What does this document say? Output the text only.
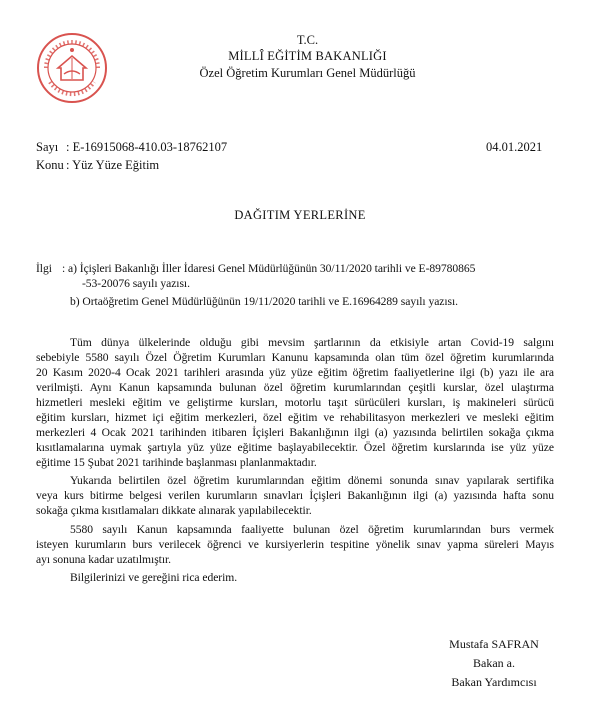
T.C.
MİLLÎ EĞİTİM BAKANLIĞI
Özel Öğretim Kurumları Genel Müdürlüğü
Sayı : E-16915068-410.03-18762107	04.01.2021
Konu : Yüz Yüze Eğitim
DAĞITIM YERLERİNE
İlgi : a) İçişleri Bakanlığı İller İdaresi Genel Müdürlüğünün 30/11/2020 tarihli ve E-89780865
-53-20076 sayılı yazısı.
b) Ortaöğretim Genel Müdürlüğünün 19/11/2020 tarihli ve E.16964289 sayılı yazısı.
Tüm dünya ülkelerinde olduğu gibi mevsim şartlarının da etkisiyle artan Covid-19 salgını
sebebiyle 5580 sayılı Özel Öğretim Kurumları Kanunu kapsamında olan tüm özel öğretim kurumlarında
20 Kasım 2020-4 Ocak 2021 tarihleri arasında yüz yüze eğitim öğretim faaliyetlerine ilgi (b) yazı ile ara
verilmişti. Aynı Kanun kapsamında bulunan özel öğretim kurumlarından çeşitli kurslar, özel ulaştırma
hizmetleri mesleki eğitim ve geliştirme kursları, motorlu taşıt sürücüleri kursları, iş makineleri sürücü
eğitim kursları, hizmet içi eğitim merkezleri, özel eğitim ve rehabilitasyon merkezleri ve mesleki eğitim
merkezleri 4 Ocak 2021 tarihinden itibaren İçişleri Bakanlığının ilgi (a) yazısında belirtilen sokağa çıkma
kısıtlamalarına uymak şartıyla yüz yüze eğitime başlayabilecektir. Özel öğretim kurslarında ise yüz yüze
eğitime 15 Şubat 2021 tarihinde başlanması planlanmaktadır.
Yukarıda belirtilen özel öğretim kurumlarından eğitim dönemi sonunda sınav yapılarak sertifika
veya kurs bitirme belgesi verilen kurumların sınavları İçişleri Bakanlığının ilgi (a) yazısında hafta sonu
sokağa çıkma kısıtlamaları dikkate alınarak yapılabilecektir.
5580 sayılı Kanun kapsamında faaliyette bulunan özel öğretim kurumlarından burs vermek
isteyen kurumların burs verilecek öğrenci ve kursiyerlerin tespitine yönelik sınav yapma süreleri Mayıs
ayı sonuna kadar uzatılmıştır.
Bilgilerinizi ve gereğini rica ederim.
Mustafa SAFRAN
Bakan a.
Bakan Yardımcısı
